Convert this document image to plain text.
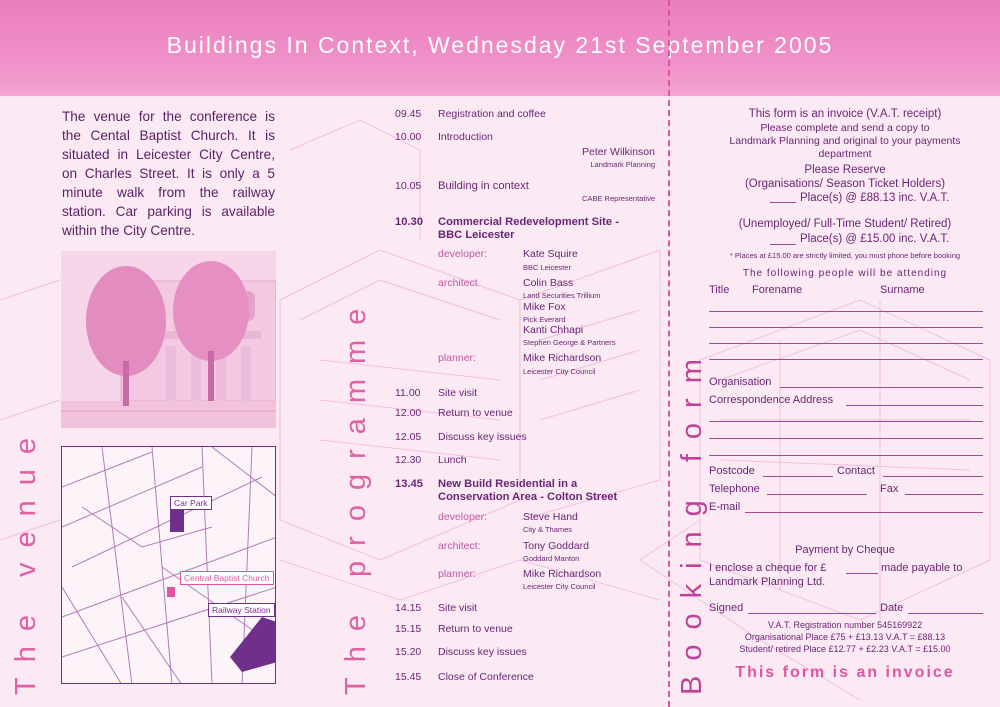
Buildings In Context, Wednesday 21st September 2005
The venue	The programme	Booking form
The venue for the conference is the Cental Baptist Church. It is situated in Leicester City Centre, on Charles Street. It is only a 5 minute walk from the railway station. Car parking is available within the City Centre.
Car Park
Central Baptist Church
Railway Station
09.45 Registration and coffee
10.00 Introduction
Peter Wilkinson
Landmark Planning
10.05 Building in context
CABE Representative
10.30 Commercial Redevelopment Site -
BBC Leicester
developer:	Kate Squire
BBC Leicester
architect	Colin Bass
Land Securities Trillium
Mike Fox
Pick Everard
Kanti Chhapi
Stephen George & Partners
planner:	Mike Richardson
Leicester City Council
11.00 Site visit
12.00 Return to venue
12.05 Discuss key issues
12.30 Lunch
13.45 New Build Residential in a
Conservation Area - Colton Street
developer:	Steve Hand
City & Thames
architect:	Tony Goddard
Goddard Manton
planner:	Mike Richardson
Leicester City Council
14.15 Site visit
15.15 Return to venue
15.20 Discuss key issues
15.45 Close of Conference
This form is an invoice (V.A.T. receipt)
Please complete and send a copy to
Landmark Planning and original to your payments
department
Please Reserve
(Organisations/ Season Ticket Holders)
Place(s) @ £88.13 inc. V.A.T.
(Unemployed/ Full-Time Student/ Retired)
Place(s) @ £15.00 inc. V.A.T.
* Places at £15.00 are strictly limited, you must phone before booking
The following people will be attending
Title Forename	Surname
Organisation
Correspondence Address
Postcode	Contact
Telephone	Fax
E-mail
Payment by Cheque
I enclose a cheque for £	made payable to
Landmark Planning Ltd.
Signed	Date
V.A.T. Registration number 545169922
Organisational Place £75 + £13.13 V.A.T = £88.13
Student/ retired Place £12.77 + £2.23 V.A.T = £15.00
This form is an invoice
